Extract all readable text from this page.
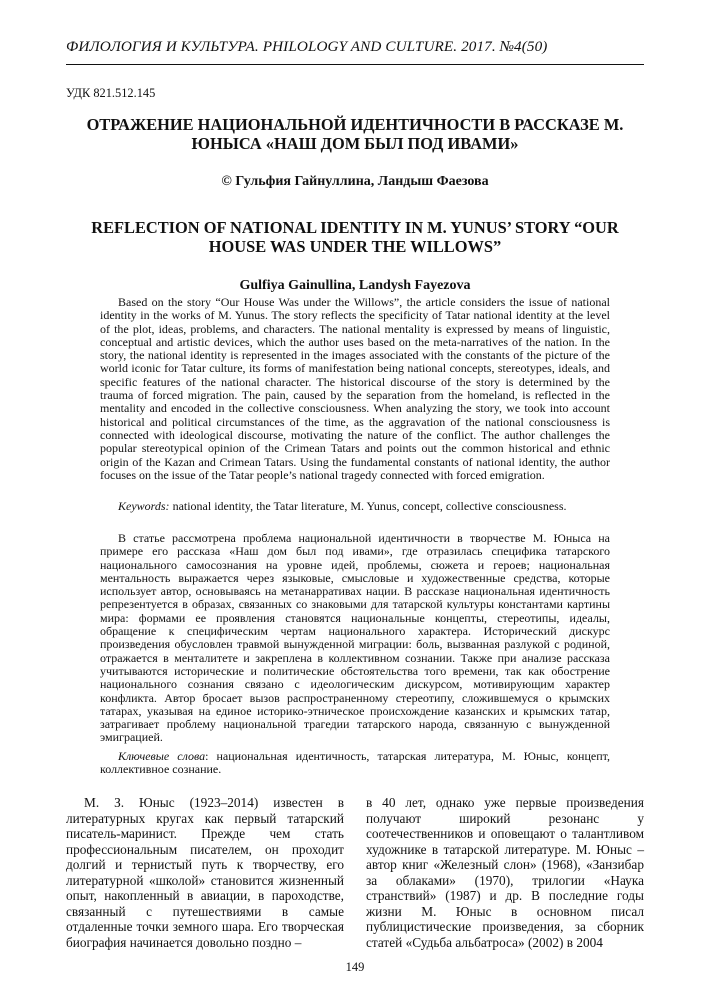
ФИЛОЛОГИЯ И КУЛЬТУРА. PHILOLOGY AND CULTURE. 2017. №4(50)
УДК 821.512.145
ОТРАЖЕНИЕ НАЦИОНАЛЬНОЙ ИДЕНТИЧНОСТИ В РАССКАЗЕ М. ЮНЫСА «НАШ ДОМ БЫЛ ПОД ИВАМИ»
© Гульфия Гайнуллина, Ландыш Фаезова
REFLECTION OF NATIONAL IDENTITY IN M. YUNUS’ STORY “OUR HOUSE WAS UNDER THE WILLOWS”
Gulfiya Gainullina, Landysh Fayezova

Based on the story “Our House Was under the Willows”, the article considers the issue of national identity in the works of M. Yunus. The story reflects the specificity of Tatar national identity at the level of the plot, ideas, problems, and characters. The national mentality is expressed by means of linguistic, conceptual and artistic devices, which the author uses based on the meta-narratives of the nation. In the story, the national identity is represented in the images associated with the constants of the picture of the world iconic for Tatar culture, its forms of manifestation being national concepts, stereotypes, ideals, and specific features of the national character. The historical discourse of the story is determined by the trauma of forced migration. The pain, caused by the separation from the homeland, is reflected in the mentality and encoded in the collective consciousness. When analyzing the story, we took into account historical and political circumstances of the time, as the aggravation of the national consciousness is connected with ideological discourse, motivating the nature of the conflict. The author challenges the popular stereotypical opinion of the Crimean Tatars and points out the common historical and ethnic origin of the Kazan and Crimean Tatars. Using the fundamental constants of national identity, the author focuses on the issue of the Tatar people’s national tragedy connected with forced emigration.

Keywords: national identity, the Tatar literature, M. Yunus, concept, collective consciousness.

В статье рассмотрена проблема национальной идентичности в творчестве М. Юныса на примере его рассказа «Наш дом был под ивами», где отразилась специфика татарского национального самосознания на уровне идей, проблемы, сюжета и героев; национальная ментальность выражается через языковые, смысловые и художественные средства, которые использует автор, основываясь на метанарративах нации. В рассказе национальная идентичность репрезентуется в образах, связанных со знаковыми для татарской культуры константами картины мира: формами ее проявления становятся национальные концепты, стереотипы, идеалы, обращение к специфическим чертам национального характера. Исторический дискурс произведения обусловлен травмой вынужденной миграции: боль, вызванная разлукой с родиной, отражается в менталитете и закреплена в коллективном сознании. Также при анализе рассказа учитываются исторические и политические обстоятельства того времени, так как обострение национального сознания связано с идеологическим дискурсом, мотивирующим характер конфликта. Автор бросает вызов распространенному стереотипу, сложившемуся о крымских татарах, указывая на единое историко-этническое происхождение казанских и крымских татар, затрагивает проблему национальной трагедии татарского народа, связанную с вынужденной эмиграцией.

Ключевые слова: национальная идентичность, татарская литература, М. Юныс, концепт, коллективное сознание.

М. З. Юныс (1923–2014) известен в литературных кругах как первый татарский писатель-маринист. Прежде чем стать профессиональным писателем, он проходит долгий и тернистый путь к творчеству, его литературной «школой» становится жизненный опыт, накопленный в авиации, в пароходстве, связанный с путешествиями в самые отдаленные точки земного шара. Его творческая биография начинается довольно поздно –

в 40 лет, однако уже первые произведения получают широкий резонанс у соотечественников и оповещают о талантливом художнике в татарской литературе. М. Юныс – автор книг «Железный слон» (1968), «Занзибар за облаками» (1970), трилогии «Наука странствий» (1987) и др. В последние годы жизни М. Юныс в основном писал публицистические произведения, за сборник статей «Судьба альбатроса» (2002) в 2004

149
